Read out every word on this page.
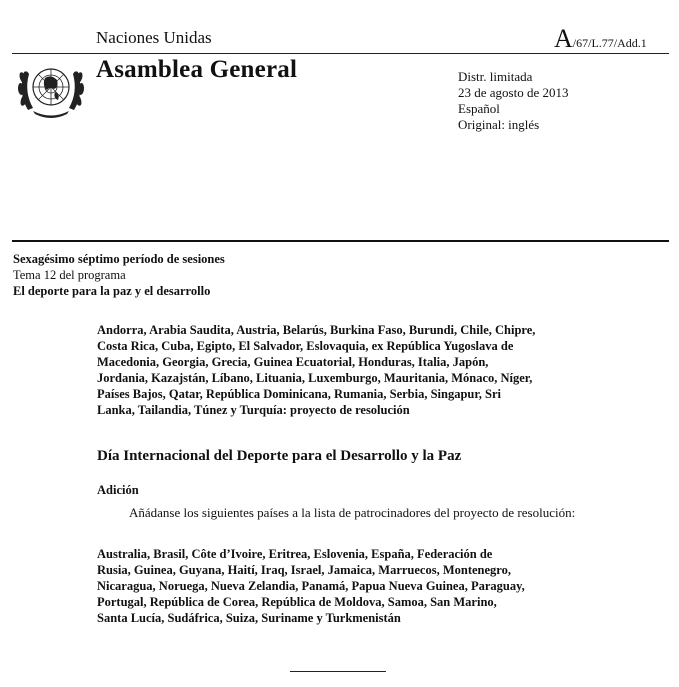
Naciones Unidas	A/67/L.77/Add.1
Asamblea General	Distr. limitada
23 de agosto de 2013
Español
Original: inglés
Sexagésimo séptimo período de sesiones
Tema 12 del programa
El deporte para la paz y el desarrollo
Andorra, Arabia Saudita, Austria, Belarús, Burkina Faso, Burundi, Chile, Chipre, Costa Rica, Cuba, Egipto, El Salvador, Eslovaquia, ex República Yugoslava de Macedonia, Georgia, Grecia, Guinea Ecuatorial, Honduras, Italia, Japón, Jordania, Kazajstán, Líbano, Lituania, Luxemburgo, Mauritania, Mónaco, Níger, Países Bajos, Qatar, República Dominicana, Rumania, Serbia, Singapur, Sri Lanka, Tailandia, Túnez y Turquía: proyecto de resolución
Día Internacional del Deporte para el Desarrollo y la Paz
Adición
Añádanse los siguientes países a la lista de patrocinadores del proyecto de resolución:
Australia, Brasil, Côte d’Ivoire, Eritrea, Eslovenia, España, Federación de Rusia, Guinea, Guyana, Haití, Iraq, Israel, Jamaica, Marruecos, Montenegro, Nicaragua, Noruega, Nueva Zelandia, Panamá, Papua Nueva Guinea, Paraguay, Portugal, República de Corea, República de Moldova, Samoa, San Marino, Santa Lucía, Sudáfrica, Suiza, Suriname y Turkmenistán
